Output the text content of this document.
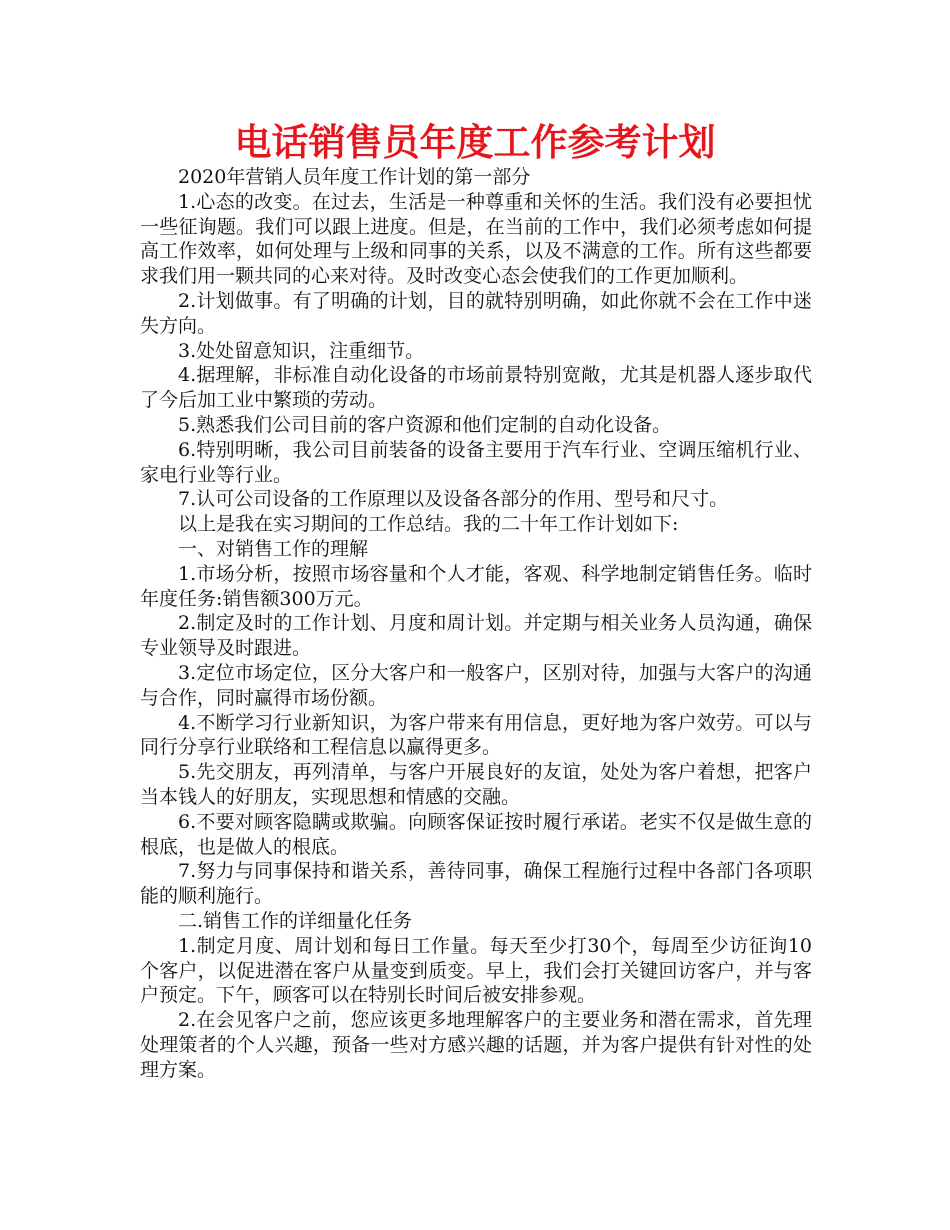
电话销售员年度工作参考计划

2020年营销人员年度工作计划的第一部分

1.心态的改变。在过去，生活是一种尊重和关怀的生活。我们没有必要担忧一些征询题。我们可以跟上进度。但是，在当前的工作中，我们必须考虑如何提高工作效率，如何处理与上级和同事的关系，以及不满意的工作。所有这些都要求我们用一颗共同的心来对待。及时改变心态会使我们的工作更加顺利。

2.计划做事。有了明确的计划，目的就特别明确，如此你就不会在工作中迷失方向。

3.处处留意知识，注重细节。

4.据理解，非标准自动化设备的市场前景特别宽敞，尤其是机器人逐步取代了今后加工业中繁琐的劳动。

5.熟悉我们公司目前的客户资源和他们定制的自动化设备。

6.特别明晰，我公司目前装备的设备主要用于汽车行业、空调压缩机行业、家电行业等行业。

7.认可公司设备的工作原理以及设备各部分的作用、型号和尺寸。

以上是我在实习期间的工作总结。我的二十年工作计划如下:

一、对销售工作的理解

1.市场分析，按照市场容量和个人才能，客观、科学地制定销售任务。临时年度任务:销售额300万元。

2.制定及时的工作计划、月度和周计划。并定期与相关业务人员沟通，确保专业领导及时跟进。

3.定位市场定位，区分大客户和一般客户，区别对待，加强与大客户的沟通与合作，同时赢得市场份额。

4.不断学习行业新知识，为客户带来有用信息，更好地为客户效劳。可以与同行分享行业联络和工程信息以赢得更多。

5.先交朋友，再列清单，与客户开展良好的友谊，处处为客户着想，把客户当本钱人的好朋友，实现思想和情感的交融。

6.不要对顾客隐瞒或欺骗。向顾客保证按时履行承诺。老实不仅是做生意的根底，也是做人的根底。

7.努力与同事保持和谐关系，善待同事，确保工程施行过程中各部门各项职能的顺利施行。

二.销售工作的详细量化任务

1.制定月度、周计划和每日工作量。每天至少打30个，每周至少访征询10个客户，以促进潜在客户从量变到质变。早上，我们会打关键回访客户，并与客户预定。下午，顾客可以在特别长时间后被安排参观。

2.在会见客户之前，您应该更多地理解客户的主要业务和潜在需求，首先理处理策者的个人兴趣，预备一些对方感兴趣的话题，并为客户提供有针对性的处理方案。
